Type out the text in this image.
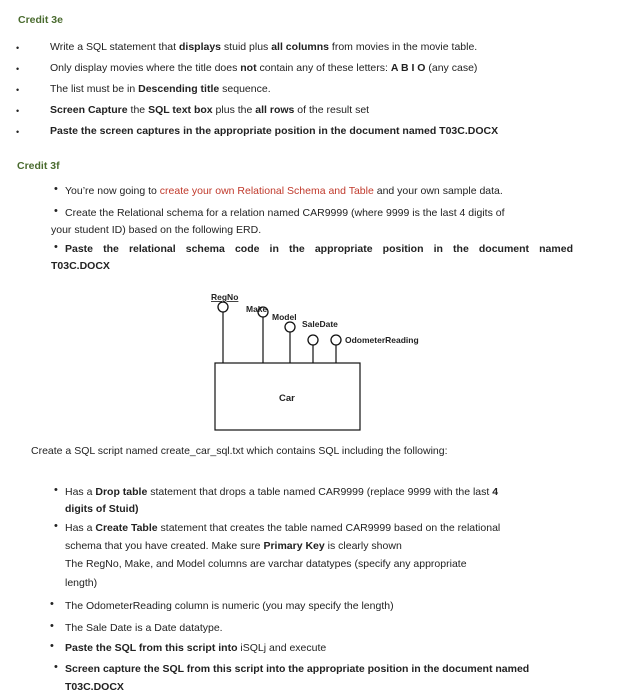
Credit 3e
•	Write a SQL statement that displays stuid plus all columns from movies in the movie table.
•	Only display movies where the title does not contain any of these letters: A B I O (any case)
•	The list must be in Descending title sequence.
•	Screen Capture the SQL text box plus the all rows of the result set
•	Paste the screen captures in the appropriate position in the document named T03C.DOCX
Credit 3f
• You’re now going to create your own Relational Schema and Table and your own sample data.
• Create the Relational schema for a relation named CAR9999 (where 9999 is the last 4 digits of
your student ID) based on the following ERD.
• Paste the relational schema code in the appropriate position in the document named
T03C.DOCX
RegNo
Make
Model
SaleDate
OdometerReading
Car
Create a SQL script named create_car_sql.txt which contains SQL including the following:
• Has a Drop table statement that drops a table named CAR9999 (replace 9999 with the last 4
digits of Stuid)
• Has a Create Table statement that creates the table named CAR9999 based on the relational
schema that you have created. Make sure Primary Key is clearly shown
The RegNo, Make, and Model columns are varchar datatypes (specify any appropriate
length)
• The OdometerReading column is numeric (you may specify the length)
• The Sale Date is a Date datatype.
• Paste the SQL from this script into iSQLj and execute
• Screen capture the SQL from this script into the appropriate position in the document named
T03C.DOCX
